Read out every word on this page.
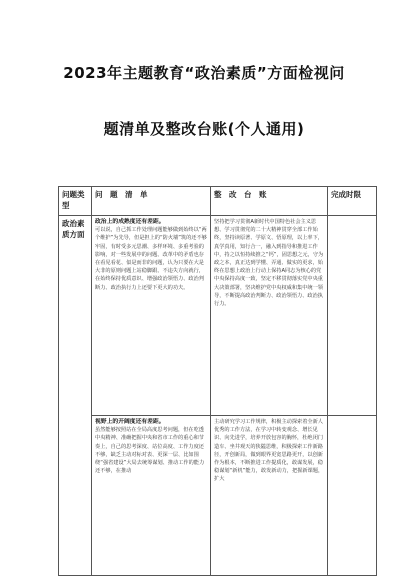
2023年主题教育“政治素质”方面检视问
题清单及整改台账(个人通用)
问题类型	问　题　清　单	整　改　台　账	完成时限
政治素质方面	政治上的成熟度还有差距。
可以说，自己抓工作处理问题能够做到始终以“两个维护”为先导，但是担上的“防火墙”筑的还不够牢固，有时受多元思潮、多样环境、多重考验的影响，对一些发展中的问题、改革中的矛盾也存在看见看花、似是而非的问题，认为只要在大是大非的原则问题上站稳脚跟、不违失方向就行，在始终保持优质意识、增强政治领悟力、政治判断力、政治执行力上还要下更大的功夫。	坚持把学习贯彻A新时代中国特色社会主义思想、学习贯彻党的二十大精神贯穿全部工作始终，坚持读原著、学原文、悟原理，以上率下，真学真用，知行合一，融入到指导和推进工作中，持之以恒持续推之“钙”，固思想之元，守为政之本，真正达到学懂、弄通、做实的更求，始终在思想上政治上行动上保持A同志为核心的党中央保持高度一致，坚定不移贯彻落实党中央重大决策部署，坚决维护党中央权威和集中统一领导，不断提高政治判断力、政治领悟力、政治执行力。	
	视野上的开阔度还有差距。
虽然能够按照站在全局高度思考问题，但在吃透中央精神、准确把握中央和省市工作的重心和节奏上，自己的思考深度、站位高度、工作力度还不够，缺乏主动对标对表、更深一层、比如围绕“强省建设”大局去统筹谋划、推动工作的能力还不够，在推动	主动研究学习工作规律，积极主动探索着全新人优秀的工作方法，在学习中转变观念、增长见识、向先进学，培养开放包容的胸怀，杜绝闭门造车、坐井观天的狭隘思维，积极探索工作新路径，开创新局，做到眼界更宽思路更开，以创新作为根本，不断推进工作提质化，敢谋发展，稳稳谋划“新机”能力，敢发新动力，把握新课题，扩大	
